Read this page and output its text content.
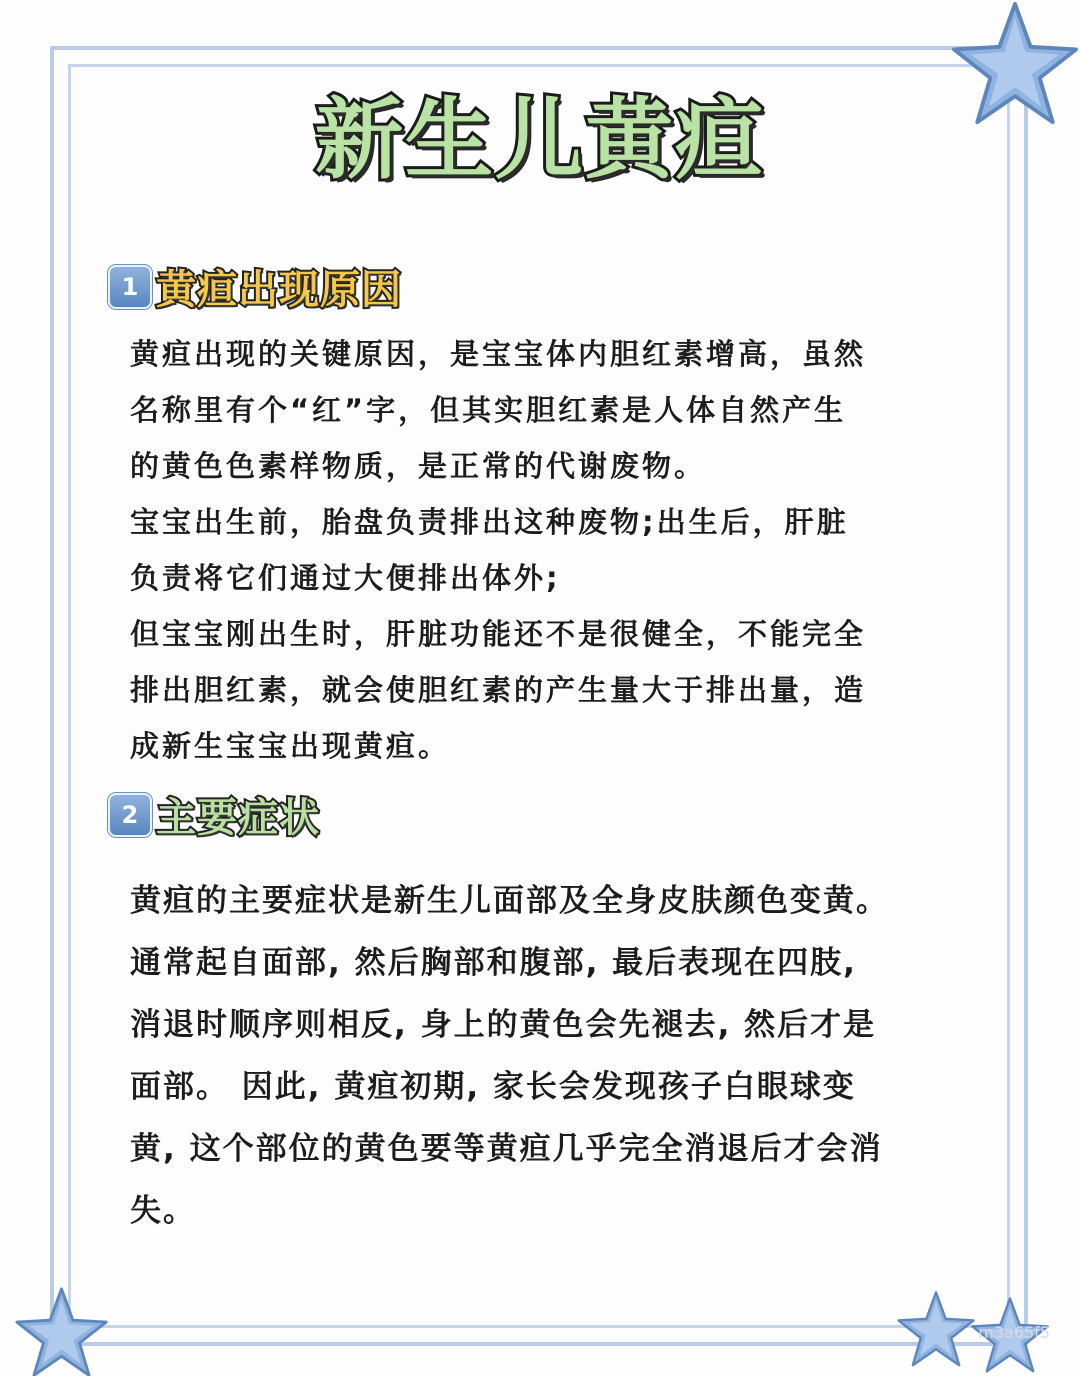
新生儿黄疸
1 黄疸出现原因
黄疸出现的关键原因，是宝宝体内胆红素增高，虽然
名称里有个“红”字，但其实胆红素是人体自然产生
的黄色色素样物质，是正常的代谢废物。
宝宝出生前，胎盘负责排出这种废物;出生后，肝脏
负责将它们通过大便排出体外;
但宝宝刚出生时，肝脏功能还不是很健全，不能完全
排出胆红素，就会使胆红素的产生量大于排出量，造
成新生宝宝出现黄疸。
2 主要症状
黄疸的主要症状是新生儿面部及全身皮肤颜色变黄。
通常起自面部, 然后胸部和腹部, 最后表现在四肢,
消退时顺序则相反, 身上的黄色会先褪去, 然后才是
面部。 因此, 黄疸初期, 家长会发现孩子白眼球变
黄, 这个部位的黄色要等黄疸几乎完全消退后才会消
失。
m3a65f5
